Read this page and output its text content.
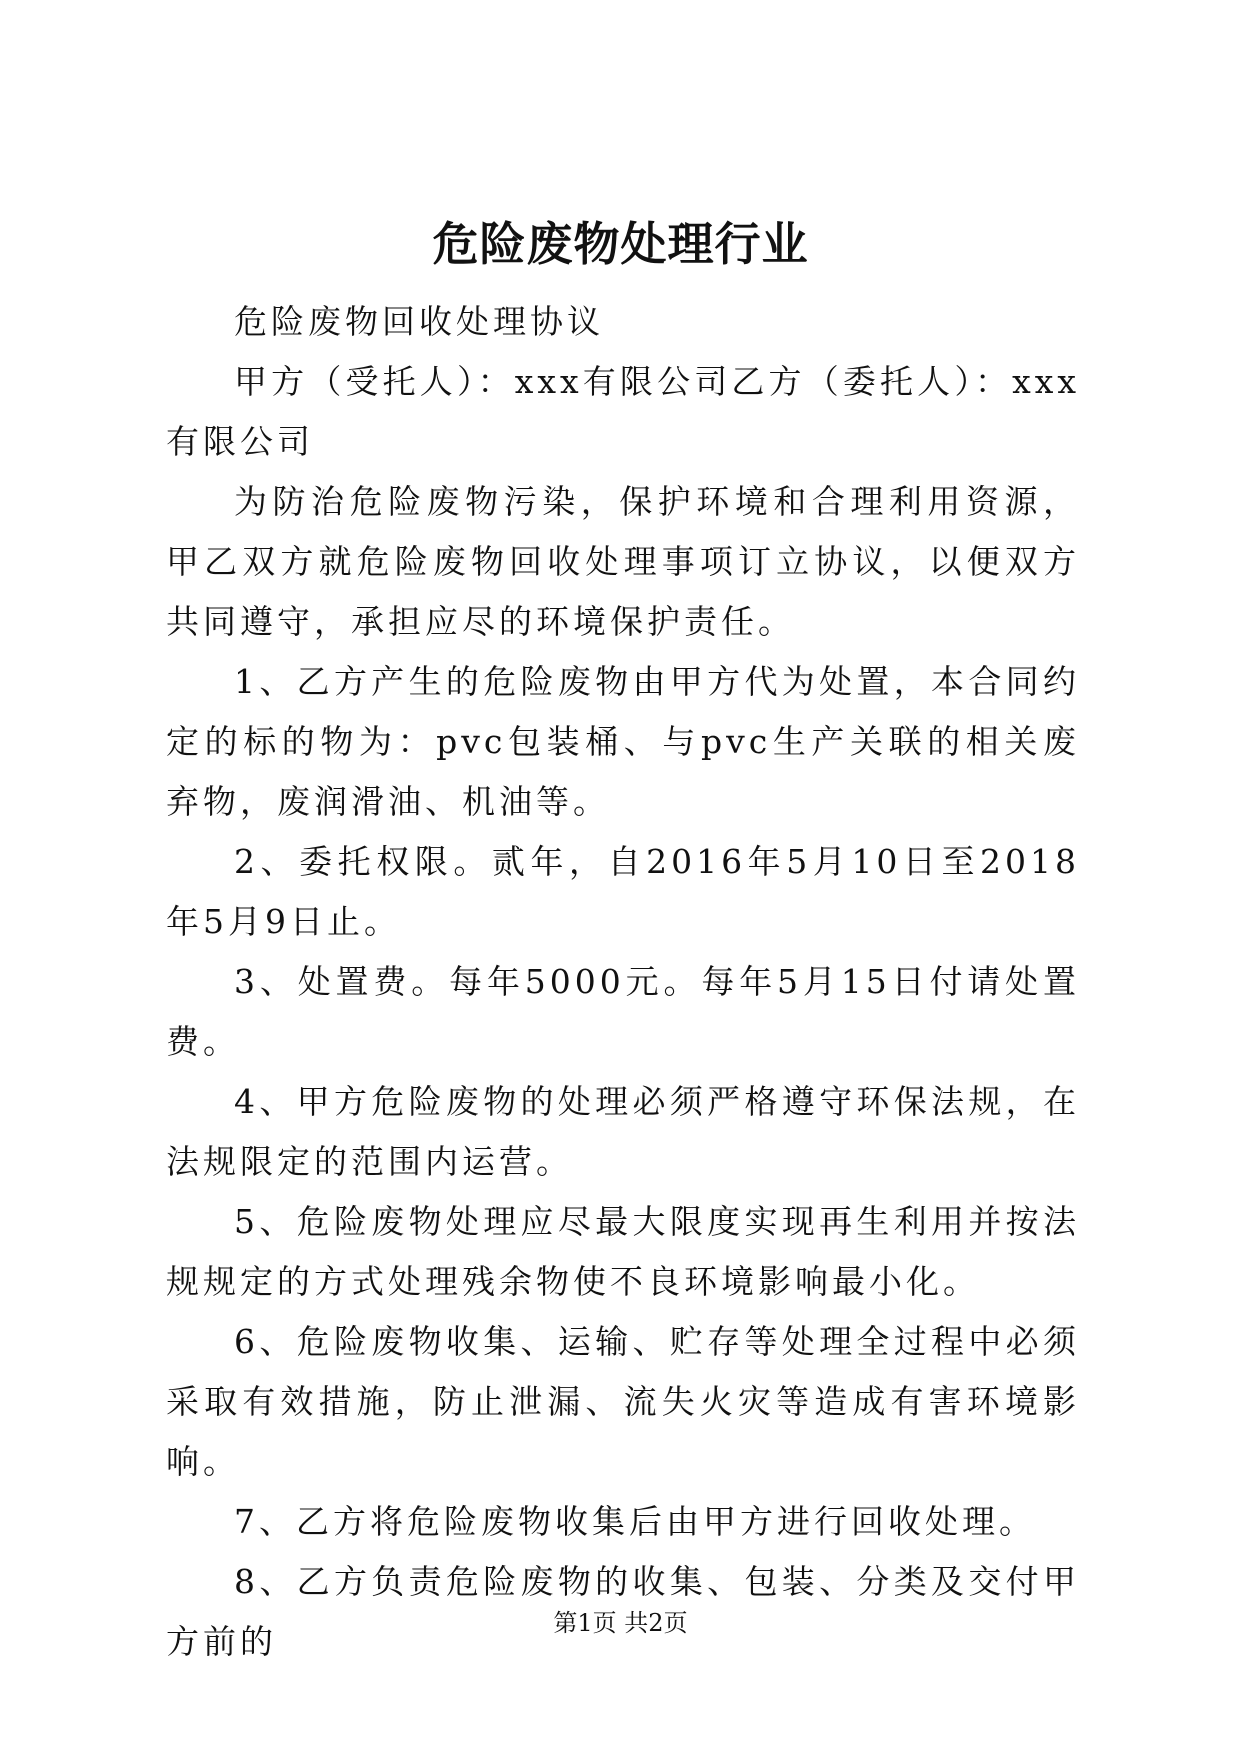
危险废物处理行业

危险废物回收处理协议

甲方（受托人）：xxx有限公司乙方（委托人）：xxx有限公司

为防治危险废物污染，保护环境和合理利用资源，甲乙双方就危险废物回收处理事项订立协议，以便双方共同遵守，承担应尽的环境保护责任。

1、乙方产生的危险废物由甲方代为处置，本合同约定的标的物为：pvc包装桶、与pvc生产关联的相关废弃物，废润滑油、机油等。

2、委托权限。贰年，自2016年5月10日至2018年5月9日止。

3、处置费。每年5000元。每年5月15日付请处置费。

4、甲方危险废物的处理必须严格遵守环保法规，在法规限定的范围内运营。

5、危险废物处理应尽最大限度实现再生利用并按法规规定的方式处理残余物使不良环境影响最小化。

6、危险废物收集、运输、贮存等处理全过程中必须采取有效措施，防止泄漏、流失火灾等造成有害环境影响。

7、乙方将危险废物收集后由甲方进行回收处理。

8、乙方负责危险废物的收集、包装、分类及交付甲方前的	第1页 共2页
